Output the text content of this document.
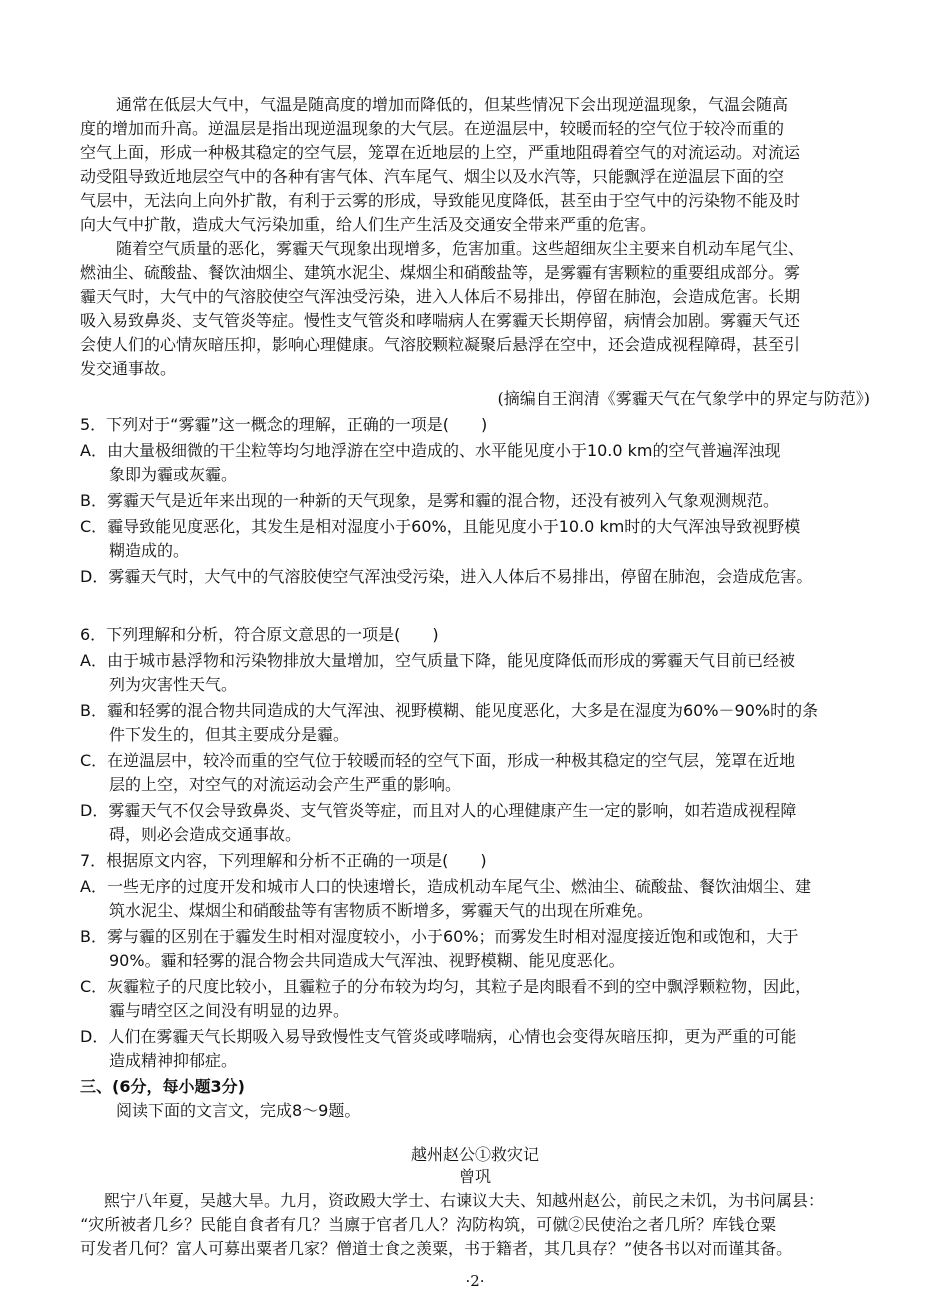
通常在低层大气中，气温是随高度的增加而降低的，但某些情况下会出现逆温现象，气温会随高
度的增加而升高。逆温层是指出现逆温现象的大气层。在逆温层中，较暖而轻的空气位于较冷而重的
空气上面，形成一种极其稳定的空气层，笼罩在近地层的上空，严重地阻碍着空气的对流运动。对流运
动受阻导致近地层空气中的各种有害气体、汽车尾气、烟尘以及水汽等，只能飘浮在逆温层下面的空
气层中，无法向上向外扩散，有利于云雾的形成，导致能见度降低，甚至由于空气中的污染物不能及时
向大气中扩散，造成大气污染加重，给人们生产生活及交通安全带来严重的危害。
随着空气质量的恶化，雾霾天气现象出现增多，危害加重。这些超细灰尘主要来自机动车尾气尘、
燃油尘、硫酸盐、餐饮油烟尘、建筑水泥尘、煤烟尘和硝酸盐等，是雾霾有害颗粒的重要组成部分。雾
霾天气时，大气中的气溶胶使空气浑浊受污染，进入人体后不易排出，停留在肺泡，会造成危害。长期
吸入易致鼻炎、支气管炎等症。慢性支气管炎和哮喘病人在雾霾天长期停留，病情会加剧。雾霾天气还
会使人们的心情灰暗压抑，影响心理健康。气溶胶颗粒凝聚后悬浮在空中，还会造成视程障碍，甚至引
发交通事故。
(摘编自王润清《雾霾天气在气象学中的界定与防范》)
5．下列对于“雾霾”这一概念的理解，正确的一项是(　　)
A．由大量极细微的干尘粒等均匀地浮游在空中造成的、水平能见度小于10.0 km的空气普遍浑浊现
象即为霾或灰霾。
B．雾霾天气是近年来出现的一种新的天气现象，是雾和霾的混合物，还没有被列入气象观测规范。
C．霾导致能见度恶化，其发生是相对湿度小于60%，且能见度小于10.0 km时的大气浑浊导致视野模
糊造成的。
D．雾霾天气时，大气中的气溶胶使空气浑浊受污染，进入人体后不易排出，停留在肺泡，会造成危害。
6．下列理解和分析，符合原文意思的一项是(　　)
A．由于城市悬浮物和污染物排放大量增加，空气质量下降，能见度降低而形成的雾霾天气目前已经被
列为灾害性天气。
B．霾和轻雾的混合物共同造成的大气浑浊、视野模糊、能见度恶化，大多是在湿度为60%－90%时的条
件下发生的，但其主要成分是霾。
C．在逆温层中，较冷而重的空气位于较暖而轻的空气下面，形成一种极其稳定的空气层，笼罩在近地
层的上空，对空气的对流运动会产生严重的影响。
D．雾霾天气不仅会导致鼻炎、支气管炎等症，而且对人的心理健康产生一定的影响，如若造成视程障
碍，则必会造成交通事故。
7．根据原文内容，下列理解和分析不正确的一项是(　　)
A．一些无序的过度开发和城市人口的快速增长，造成机动车尾气尘、燃油尘、硫酸盐、餐饮油烟尘、建
筑水泥尘、煤烟尘和硝酸盐等有害物质不断增多，雾霾天气的出现在所难免。
B．雾与霾的区别在于霾发生时相对湿度较小，小于60%；而雾发生时相对湿度接近饱和或饱和，大于
90%。霾和轻雾的混合物会共同造成大气浑浊、视野模糊、能见度恶化。
C．灰霾粒子的尺度比较小，且霾粒子的分布较为均匀，其粒子是肉眼看不到的空中飘浮颗粒物，因此，
霾与晴空区之间没有明显的边界。
D．人们在雾霾天气长期吸入易导致慢性支气管炎或哮喘病，心情也会变得灰暗压抑，更为严重的可能
造成精神抑郁症。
三、(6分，每小题3分)
阅读下面的文言文，完成8～9题。
越州赵公①救灾记
曾巩
熙宁八年夏，吴越大旱。九月，资政殿大学士、右谏议大夫、知越州赵公，前民之未饥，为书问属县：
“灾所被者几乡？民能自食者有几？当廪于官者几人？沟防构筑，可僦②民使治之者几所？库钱仓粟
可发者几何？富人可募出粟者几家？僧道士食之羡粟，书于籍者，其几具存？”使各书以对而谨其备。
·2·
